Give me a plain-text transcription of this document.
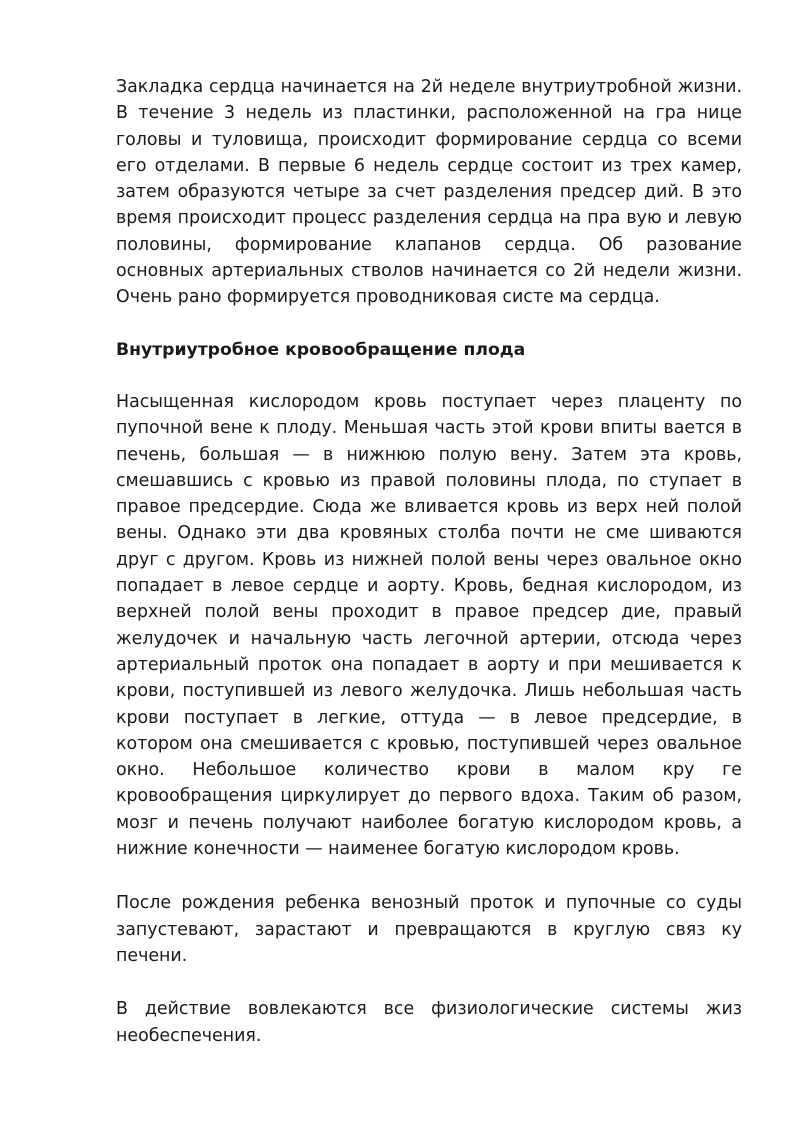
Закладка сердца начинается на 2й неделе внутриутробной жизни. В течение 3 недель из пластинки, расположенной на гра нице головы и туловища, происходит формирование сердца со всеми его отделами. В первые 6 недель сердце состоит из трех камер, затем образуются четыре за счет разделения предсер дий. В это время происходит процесс разделения сердца на пра вую и левую половины, формирование клапанов сердца. Об разование основных артериальных стволов начинается со 2й недели жизни. Очень рано формируется проводниковая систе ма сердца.

Внутриутробное кровообращение плода

Насыщенная кислородом кровь поступает через плаценту по пупочной вене к плоду. Меньшая часть этой крови впиты вается в печень, большая — в нижнюю полую вену. Затем эта кровь, смешавшись с кровью из правой половины плода, по ступает в правое предсердие. Сюда же вливается кровь из верх ней полой вены. Однако эти два кровяных столба почти не сме шиваются друг с другом. Кровь из нижней полой вены через овальное окно попадает в левое сердце и аорту. Кровь, бедная кислородом, из верхней полой вены проходит в правое предсер дие, правый желудочек и начальную часть легочной артерии, отсюда через артериальный проток она попадает в аорту и при мешивается к крови, поступившей из левого желудочка. Лишь небольшая часть крови поступает в легкие, оттуда — в левое предсердие, в котором она смешивается с кровью, поступившей через овальное окно. Небольшое количество крови в малом кру ге кровообращения циркулирует до первого вдоха. Таким об разом, мозг и печень получают наиболее богатую кислородом кровь, а нижние конечности — наименее богатую кислородом кровь.

После рождения ребенка венозный проток и пупочные со суды запустевают, зарастают и превращаются в круглую связ ку печени.

В действие вовлекаются все физиологические системы жиз необеспечения.
